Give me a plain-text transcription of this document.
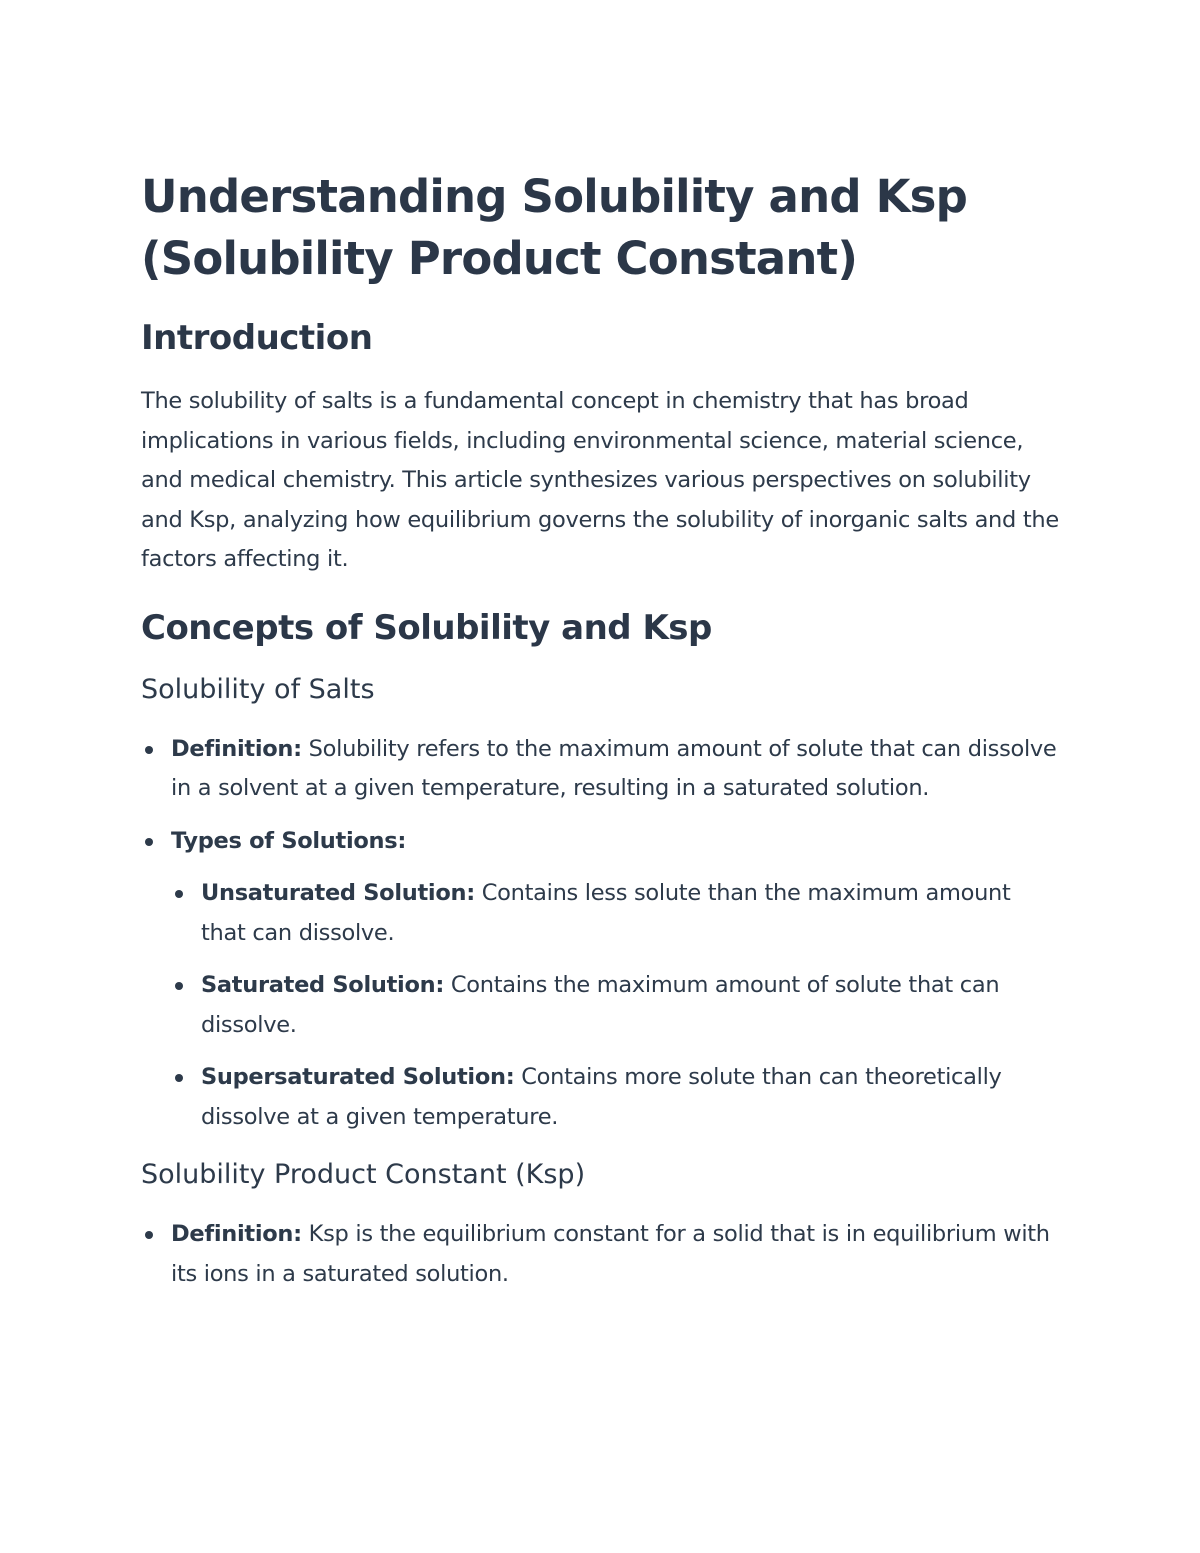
Understanding Solubility and Ksp (Solubility Product Constant)
Introduction

The solubility of salts is a fundamental concept in chemistry that has broad implications in various fields, including environmental science, material science, and medical chemistry. This article synthesizes various perspectives on solubility and Ksp, analyzing how equilibrium governs the solubility of inorganic salts and the factors affecting it.

Concepts of Solubility and Ksp
Solubility of Salts
Definition: Solubility refers to the maximum amount of solute that can dissolve in a solvent at a given temperature, resulting in a saturated solution.
Types of Solutions:
Unsaturated Solution: Contains less solute than the maximum amount that can dissolve.
Saturated Solution: Contains the maximum amount of solute that can dissolve.
Supersaturated Solution: Contains more solute than can theoretically dissolve at a given temperature.
Solubility Product Constant (Ksp)
Definition: Ksp is the equilibrium constant for a solid that is in equilibrium with its ions in a saturated solution.
